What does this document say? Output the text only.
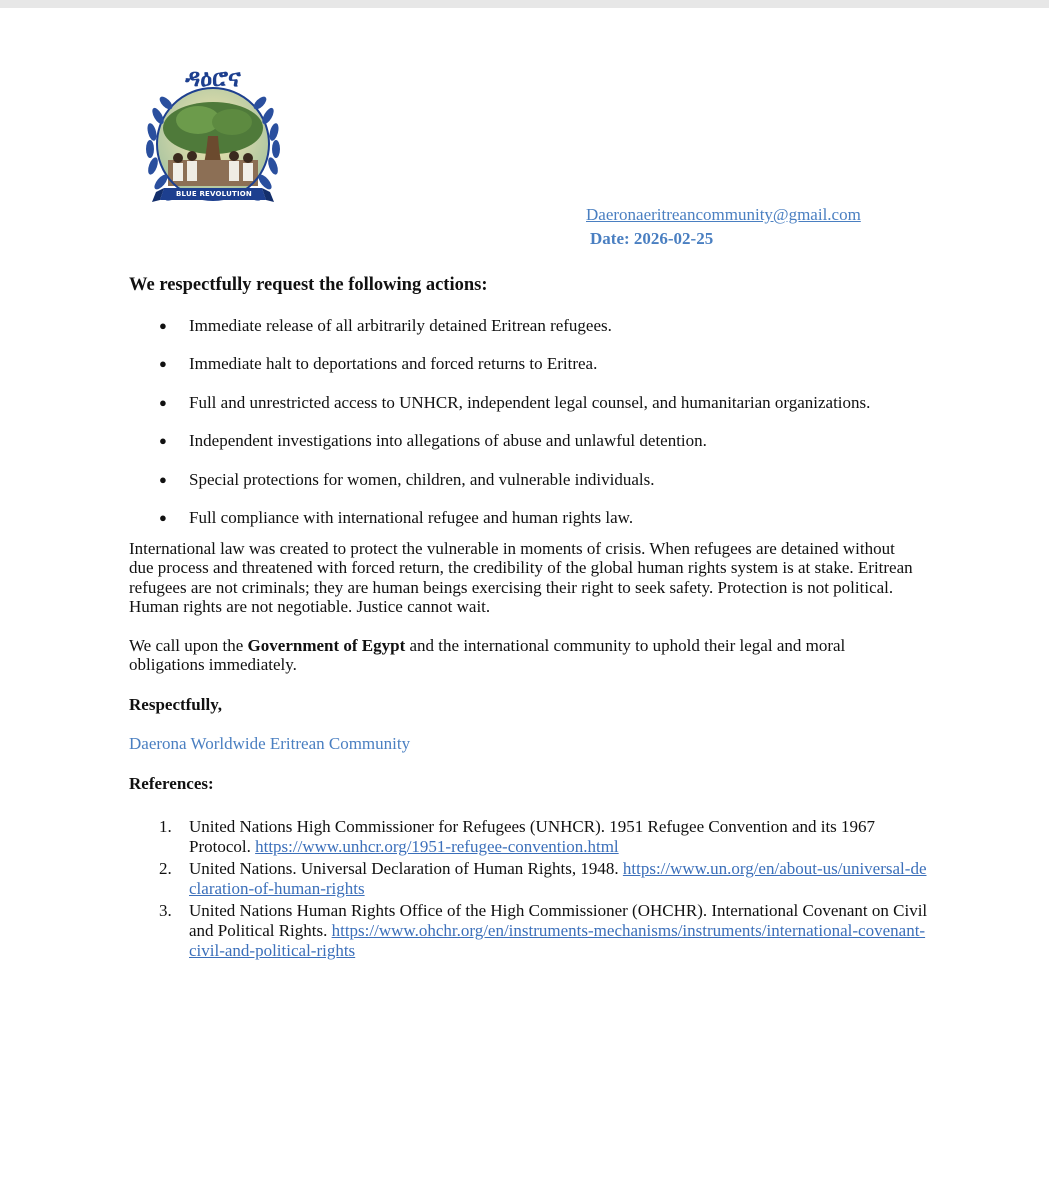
ዳዕሮና
BLUE REVOLUTION
Daeronaeritreancommunity@gmail.com
Date: 2026-02-25

We respectfully request the following actions:

● Immediate release of all arbitrarily detained Eritrean refugees.
● Immediate halt to deportations and forced returns to Eritrea.
● Full and unrestricted access to UNHCR, independent legal counsel, and humanitarian organizations.
● Independent investigations into allegations of abuse and unlawful detention.
● Special protections for women, children, and vulnerable individuals.
● Full compliance with international refugee and human rights law.

International law was created to protect the vulnerable in moments of crisis. When refugees are detained without due process and threatened with forced return, the credibility of the global human rights system is at stake. Eritrean refugees are not criminals; they are human beings exercising their right to seek safety. Protection is not political. Human rights are not negotiable. Justice cannot wait.

We call upon the Government of Egypt and the international community to uphold their legal and moral obligations immediately.

Respectfully,
Daerona Worldwide Eritrean Community
References:
1. United Nations High Commissioner for Refugees (UNHCR). 1951 Refugee Convention and its 1967 Protocol. https://www.unhcr.org/1951-refugee-convention.html
2. United Nations. Universal Declaration of Human Rights, 1948. https://www.un.org/en/about-us/universal-declaration-of-human-rights
3. United Nations Human Rights Office of the High Commissioner (OHCHR). International Covenant on Civil and Political Rights. https://www.ohchr.org/en/instruments-mechanisms/instruments/international-covenant-civil-and-political-rights
